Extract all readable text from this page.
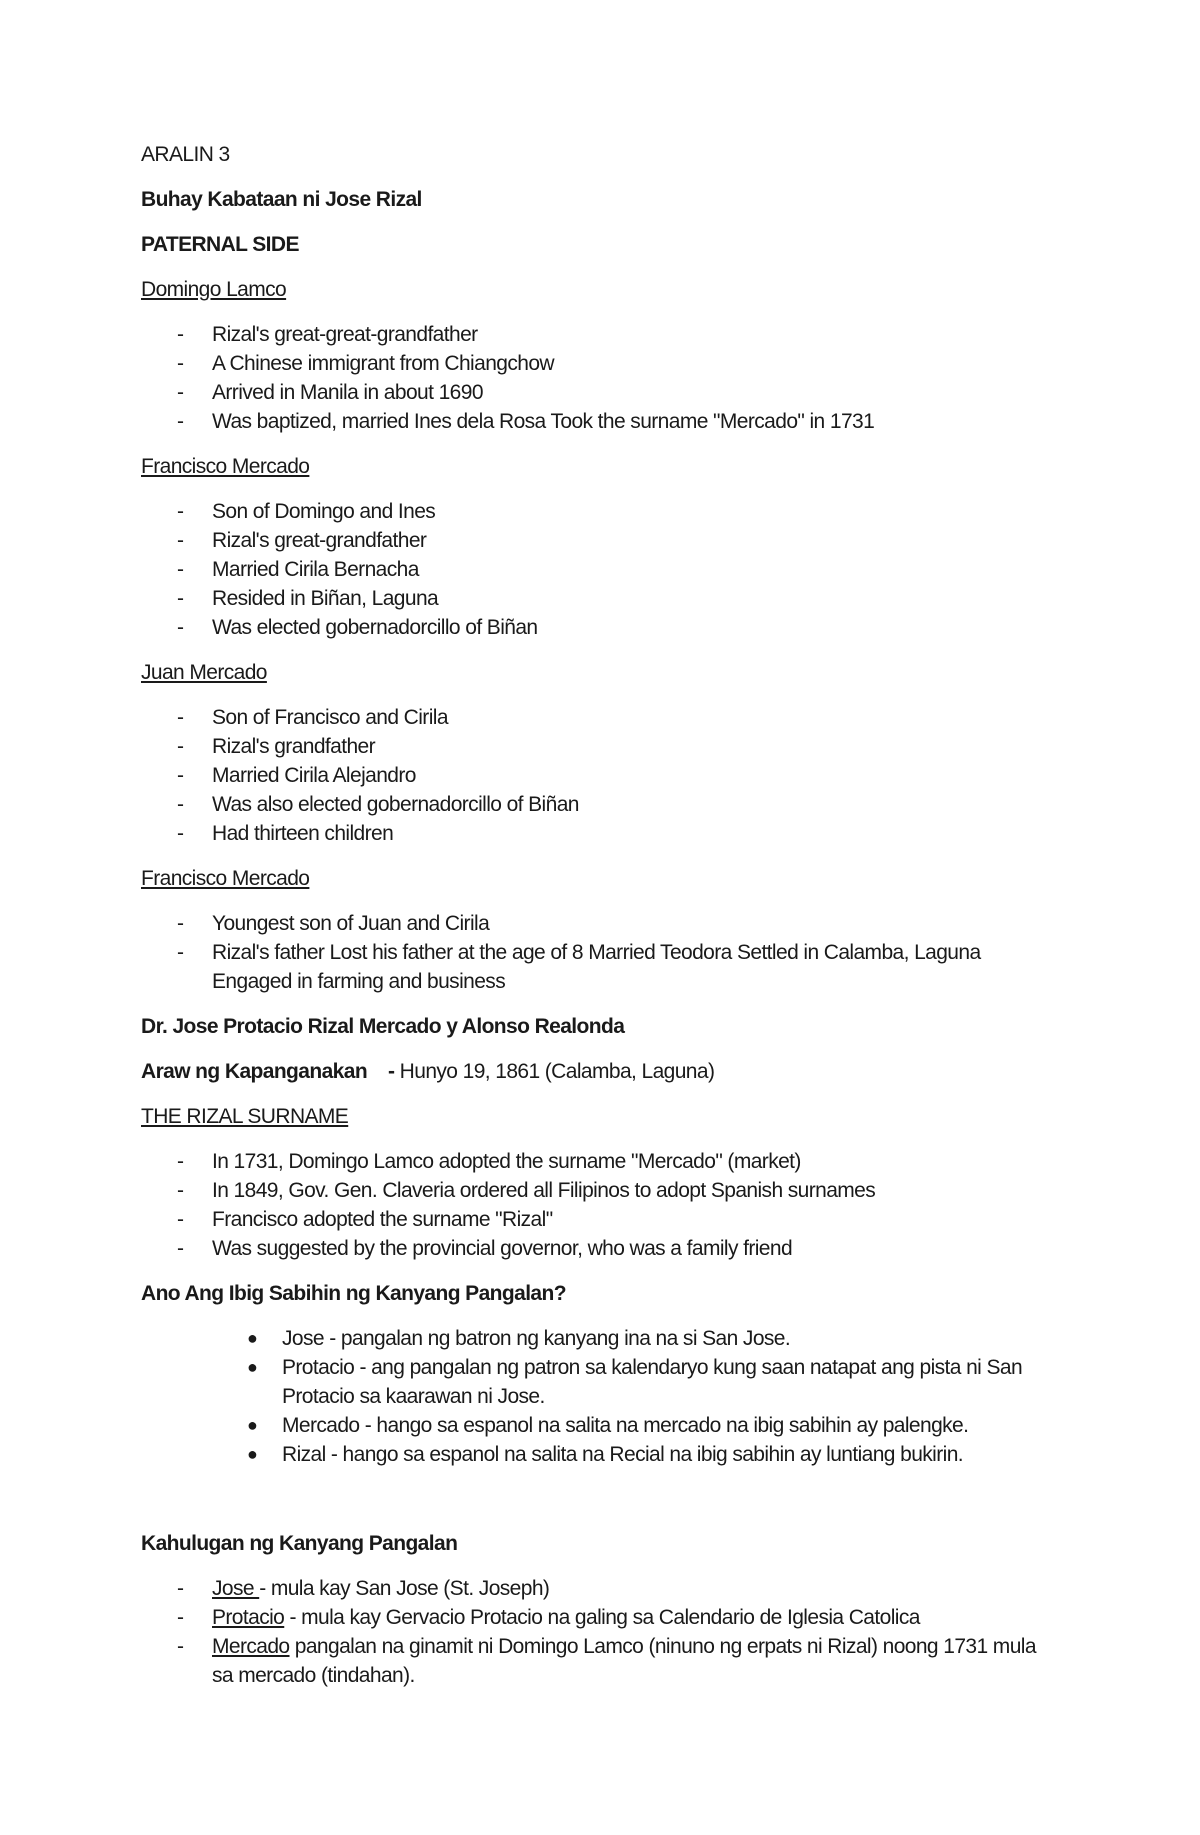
ARALIN 3

Buhay Kabataan ni Jose Rizal

PATERNAL SIDE

Domingo Lamco

- Rizal's great-great-grandfather
- A Chinese immigrant from Chiangchow
- Arrived in Manila in about 1690
- Was baptized, married Ines dela Rosa Took the surname "Mercado" in 1731

Francisco Mercado

- Son of Domingo and Ines
- Rizal's great-grandfather
- Married Cirila Bernacha
- Resided in Biñan, Laguna
- Was elected gobernadorcillo of Biñan

Juan Mercado

- Son of Francisco and Cirila
- Rizal's grandfather
- Married Cirila Alejandro
- Was also elected gobernadorcillo of Biñan
- Had thirteen children

Francisco Mercado

- Youngest son of Juan and Cirila
- Rizal's father Lost his father at the age of 8 Married Teodora Settled in Calamba, Laguna Engaged in farming and business

Dr. Jose Protacio Rizal Mercado y Alonso Realonda

Araw ng Kapanganakan - Hunyo 19, 1861 (Calamba, Laguna)

THE RIZAL SURNAME

- In 1731, Domingo Lamco adopted the surname "Mercado" (market)
- In 1849, Gov. Gen. Claveria ordered all Filipinos to adopt Spanish surnames
- Francisco adopted the surname "Rizal"
- Was suggested by the provincial governor, who was a family friend

Ano Ang Ibig Sabihin ng Kanyang Pangalan?

● Jose - pangalan ng batron ng kanyang ina na si San Jose.
● Protacio - ang pangalan ng patron sa kalendaryo kung saan natapat ang pista ni San Protacio sa kaarawan ni Jose.
● Mercado - hango sa espanol na salita na mercado na ibig sabihin ay palengke.
● Rizal - hango sa espanol na salita na Recial na ibig sabihin ay luntiang bukirin.

Kahulugan ng Kanyang Pangalan

- Jose - mula kay San Jose (St. Joseph)
- Protacio - mula kay Gervacio Protacio na galing sa Calendario de Iglesia Catolica
- Mercado pangalan na ginamit ni Domingo Lamco (ninuno ng erpats ni Rizal) noong 1731 mula sa mercado (tindahan).
